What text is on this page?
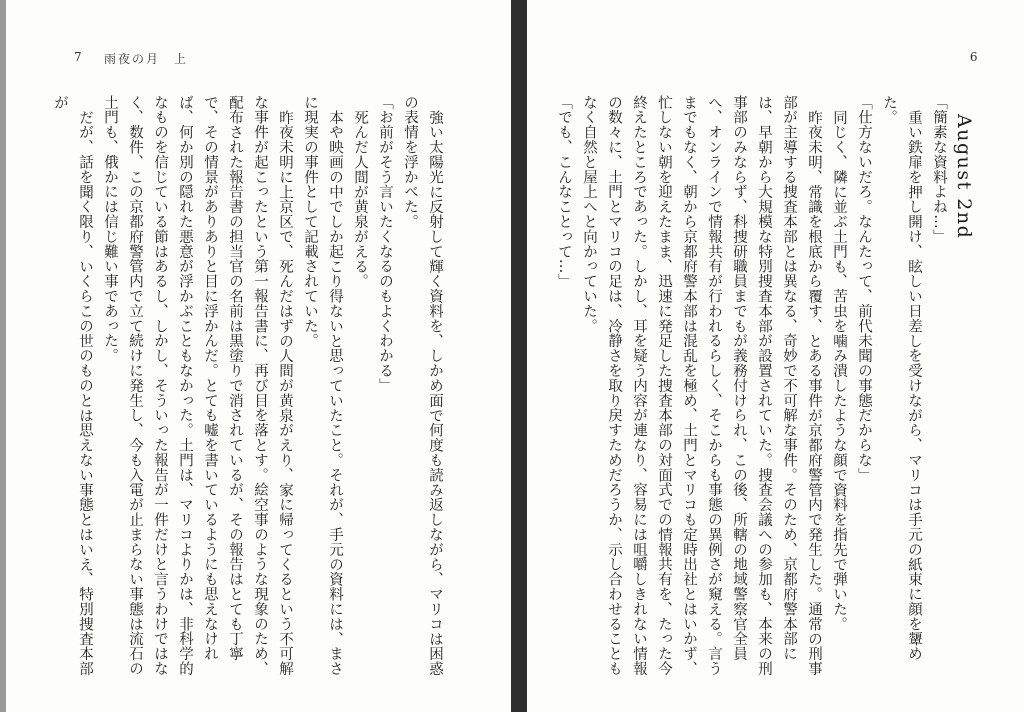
7 雨夜の月　上

強い太陽光に反射して輝く資料を、しかめ面で何度も読み返しながら、マリコは困惑の表情を浮かべた。

「お前がそう言いたくなるのもよくわかる」

死んだ人間が黄泉がえる。

本や映画の中でしか起こり得ないと思っていたこと。それが、手元の資料には、まさに現実の事件として記載されていた。

昨夜未明に上京区で、死んだはずの人間が黄泉がえり、家に帰ってくるという不可解な事件が起こったという第一報告書に、再び目を落とす。絵空事のような現象のため、配布された報告書の担当官の名前は黒塗りで消されているが、その報告はとても丁寧で、その情景がありありと目に浮かんだ。とても嘘を書いているようにも思えなければ、何か別の隠れた悪意が浮かぶこともなかった。土門は、マリコよりかは、非科学的なものを信じている節はあるし、しかし、そういった報告が一件だけと言うわけではなく、数件、この京都府警管内で立て続けに発生し、今も入電が止まらない事態は流石の土門も、俄かには信じ難い事であった。

だが、話を聞く限り、いくらこの世のものとは思えない事態とはいえ、特別捜査本部が

6

August 2nd

「簡素な資料よね…」

重い鉄扉を押し開け、眩しい日差しを受けながら、マリコは手元の紙束に顔を顰めた。

「仕方ないだろ。なんたって、前代未聞の事態だからな」

同じく、隣に並ぶ土門も、苦虫を噛み潰したような顔で資料を指先で弾いた。

昨夜未明、常識を根底から覆す、とある事件が京都府警管内で発生した。通常の刑事部が主導する捜査本部とは異なる、奇妙で不可解な事件。そのため、京都府警本部には、早朝から大規模な特別捜査本部が設置されていた。捜査会議への参加も、本来の刑事部のみならず、科捜研職員までもが義務付けられ、この後、所轄の地域警察官全員へ、オンラインで情報共有が行われるらしく、そこからも事態の異例さが窺える。言うまでもなく、朝から京都府警本部は混乱を極め、土門とマリコも定時出社とはいかず、忙しない朝を迎えたまま、迅速に発足した捜査本部の対面式での情報共有を、たった今終えたところであった。しかし、耳を疑う内容が連なり、容易には咀嚼しきれない情報の数々に、土門とマリコの足は、冷静さを取り戻すためだろうか、示し合わせることもなく自然と屋上へと向かっていた。

「でも、こんなことって…」
